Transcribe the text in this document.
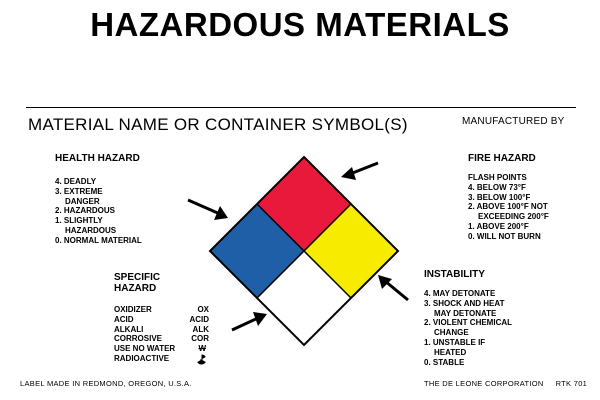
HAZARDOUS MATERIALS
MATERIAL NAME OR CONTAINER SYMBOL(S)	MANUFACTURED BY
HEALTH HAZARD
4. DEADLY
3. EXTREME
DANGER
2. HAZARDOUS
1. SLIGHTLY
HAZARDOUS
0. NORMAL MATERIAL
FIRE HAZARD
FLASH POINTS
4. BELOW 73°F
3. BELOW 100°F
2. ABOVE 100°F NOT
EXCEEDING 200°F
1. ABOVE 200°F
0. WILL NOT BURN
SPECIFIC
HAZARD
OXIDIZER	OX
ACID	ACID
ALKALI	ALK
CORROSIVE	COR
USE NO WATER	W
RADIOACTIVE
INSTABILITY
4. MAY DETONATE
3. SHOCK AND HEAT
MAY DETONATE
2. VIOLENT CHEMICAL
CHANGE
1. UNSTABLE IF
HEATED
0. STABLE
LABEL MADE IN REDMOND, OREGON, U.S.A.	THE DE LEONE CORPORATION RTK 701
